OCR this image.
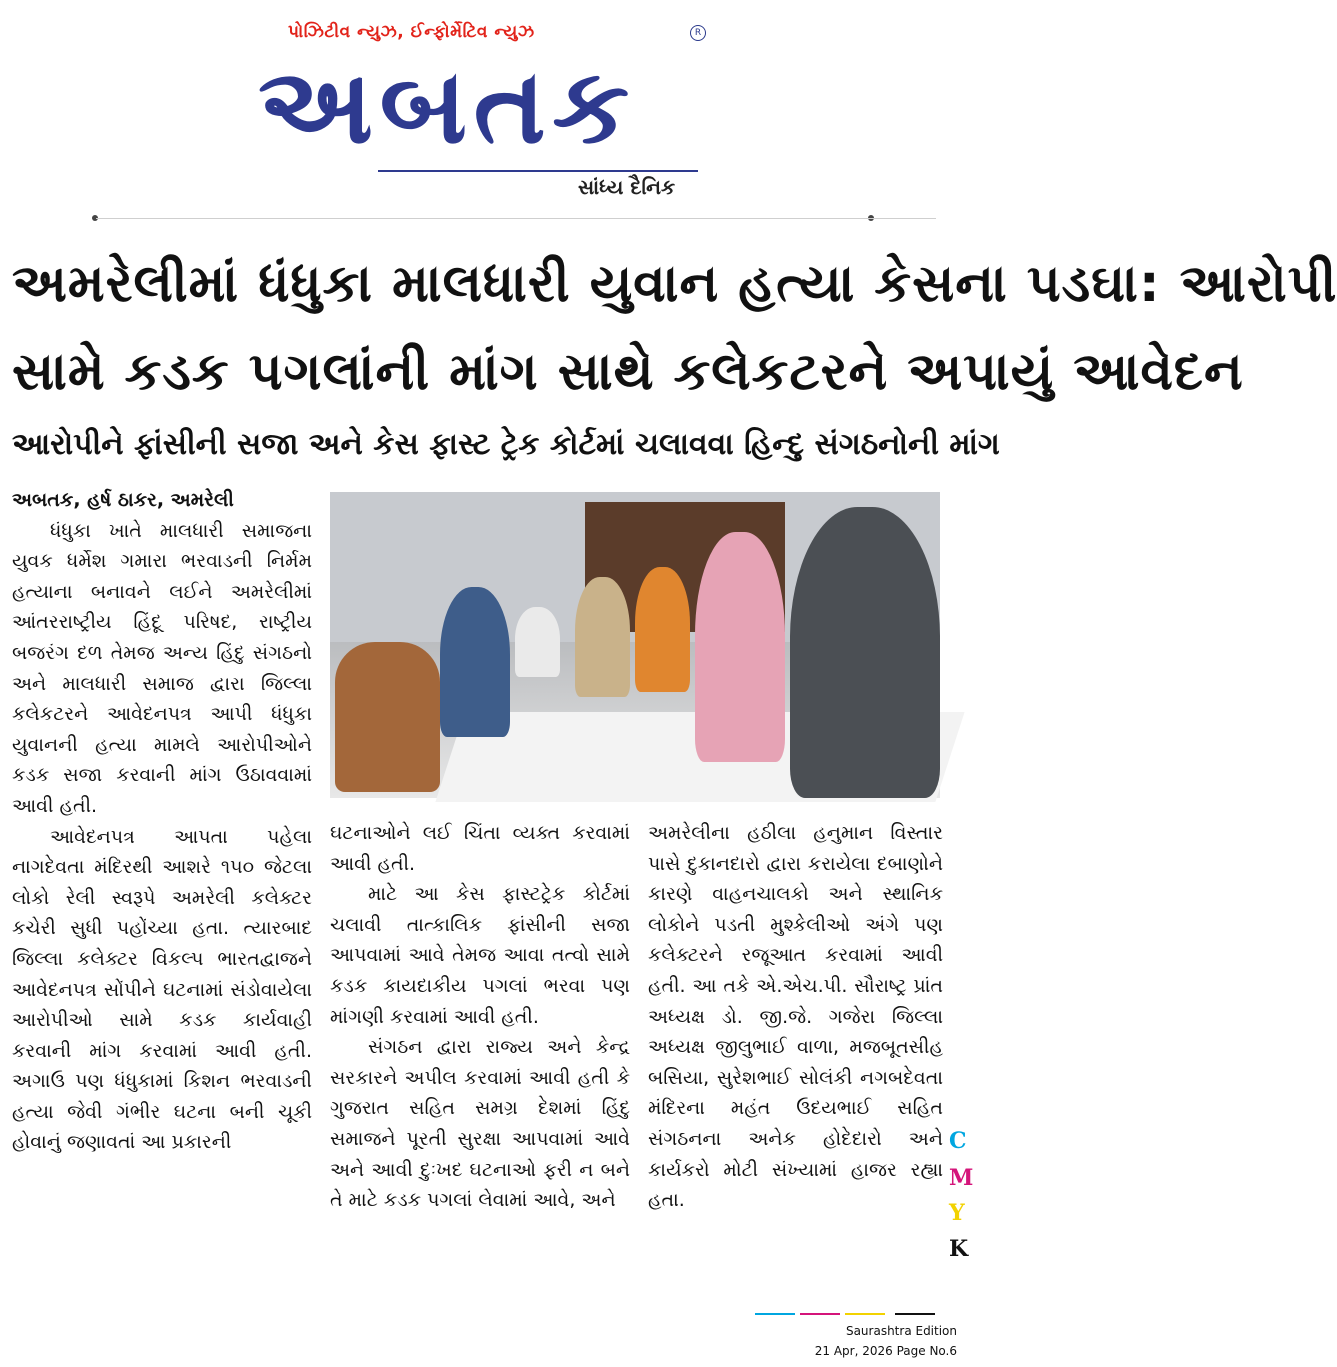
પોઝિટીવ ન્યુઝ, ઈન્ફોર્મેટિવ ન્યુઝ	R
અબતક
સાંધ્ય દૈનિક
અમરેલીમાં ધંધુકા માલધારી યુવાન હત્યા કેસના પડઘા: આરોપી
સામે કડક પગલાંની માંગ સાથે કલેકટરને અપાયું આવેદન
આરોપીને ફાંસીની સજા અને કેસ ફાસ્ટ ટ્રેક કોર્ટમાં ચલાવવા હિન્દુ સંગઠનોની માંગ

અબતક, હર્ષ ઠાકર, અમરેલી

ધંધુકા ખાતે માલધારી સમાજના યુવક ધર્મેશ ગમારા ભરવાડની નિર્મમ હત્યાના બનાવને લઈને અમરેલીમાં આંતરરાષ્ટ્રીય હિંદૂ પરિષદ, રાષ્ટ્રીય બજરંગ દળ તેમજ અન્ય હિંદુ સંગઠનો અને માલધારી સમાજ દ્વારા જિલ્લા કલેકટરને આવેદનપત્ર આપી ધંધુકા યુવાનની હત્યા મામલે આરોપીઓને કડક સજા કરવાની માંગ ઉઠાવવામાં આવી હતી.

આવેદનપત્ર આપતા પહેલા નાગદેવતા મંદિરથી આશરે ૧૫૦ જેટલા લોકો રેલી સ્વરૂપે અમરેલી કલેક્ટર કચેરી સુધી પહોંચ્યા હતા. ત્યારબાદ જિલ્લા કલેક્ટર વિકલ્પ ભારતદ્વાજને આવેદનપત્ર સોંપીને ઘટનામાં સંડોવાયેલા આરોપીઓ સામે કડક કાર્યવાહી કરવાની માંગ કરવામાં આવી હતી. અગાઉ પણ ધંધુકામાં કિશન ભરવાડની હત્યા જેવી ગંભીર ઘટના બની ચૂકી હોવાનું જણાવતાં આ પ્રકારની

ઘટનાઓને લઈ ચિંતા વ્યક્ત કરવામાં આવી હતી.

માટે આ કેસ ફાસ્ટટ્રેક કોર્ટમાં ચલાવી તાત્કાલિક ફાંસીની સજા આપવામાં આવે તેમજ આવા તત્વો સામે કડક કાયદાકીય પગલાં ભરવા પણ માંગણી કરવામાં આવી હતી.

સંગઠન દ્વારા રાજ્ય અને કેન્દ્ર સરકારને અપીલ કરવામાં આવી હતી કે ગુજરાત સહિત સમગ્ર દેશમાં હિંદુ સમાજને પૂરતી સુરક્ષા આપવામાં આવે અને આવી દુઃખદ ઘટનાઓ ફરી ન બને તે માટે કડક પગલાં લેવામાં આવે, અને

અમરેલીના હઠીલા હનુમાન વિસ્તાર પાસે દુકાનદારો દ્વારા કરાયેલા દબાણોને કારણે વાહનચાલકો અને સ્થાનિક લોકોને પડતી મુશ્કેલીઓ અંગે પણ કલેક્ટરને રજૂઆત કરવામાં આવી હતી. આ તકે એ.એચ.પી. સૌરાષ્ટ્ર પ્રાંત અધ્યક્ષ ડો. જી.જે. ગજેરા જિલ્લા અધ્યક્ષ જીલુભાઈ વાળા, મજબૂતસીહ બસિયા, સુરેશભાઈ સોલંકી નગબદેવતા મંદિરના મહંત ઉદયભાઈ સહિત સંગઠનના અનેક હોદેદારો અને કાર્યકરો મોટી સંખ્યામાં હાજર રહ્યા હતા.

C
M
Y
K
Saurashtra Edition
21 Apr, 2026 Page No.6
